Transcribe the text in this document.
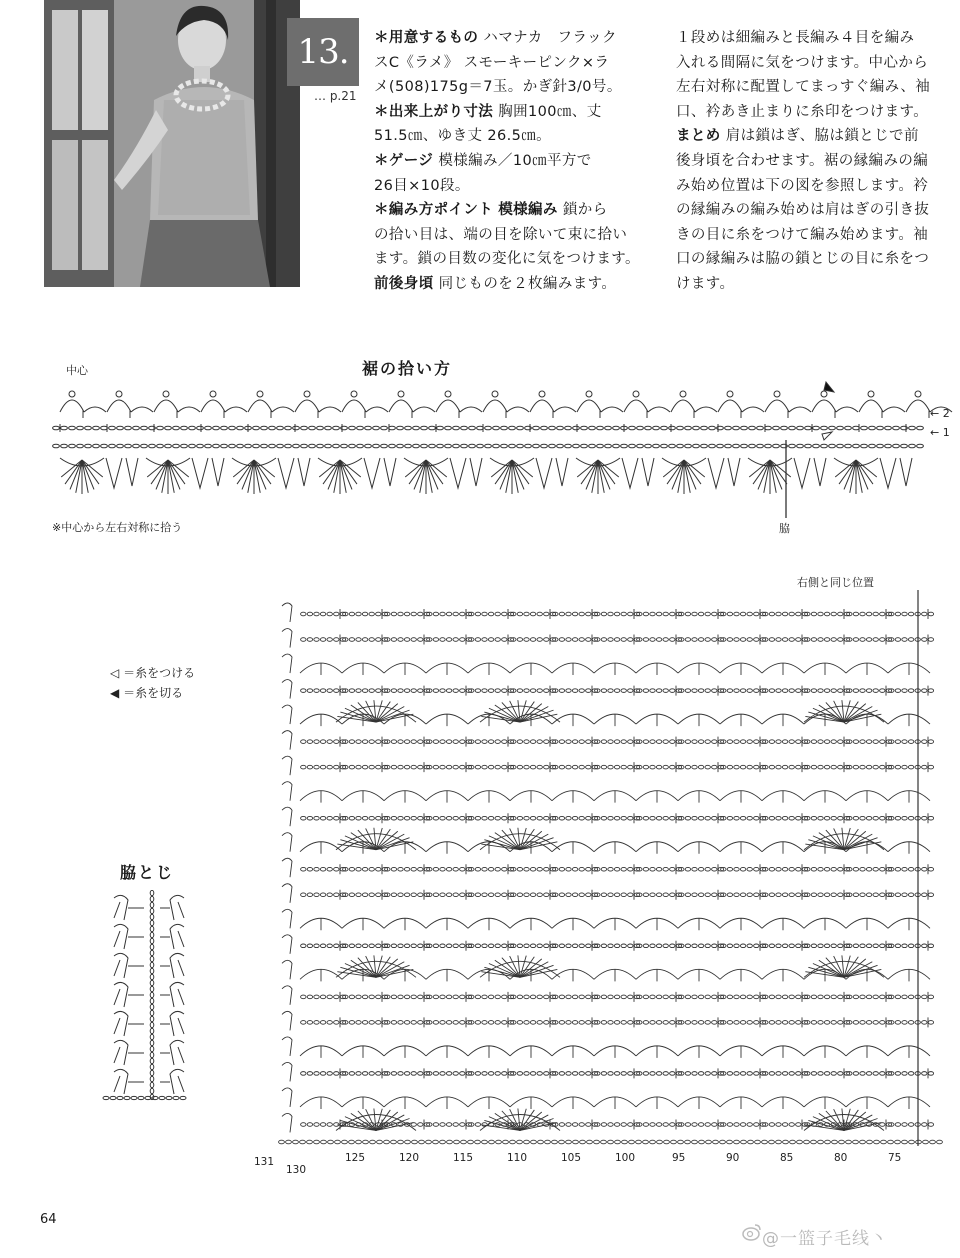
13.
… p.21
＊用意するもの ハマナカ　フラック
スC《ラメ》 スモーキーピンク×ラ
メ(508)175g＝7玉。かぎ針3/0号。
＊出来上がり寸法 胸囲100㎝、丈
51.5㎝、ゆき丈 26.5㎝。
＊ゲージ 模様編み／10㎝平方で
26目×10段。
＊編み方ポイント 模様編み 鎖から
の拾い目は、端の目を除いて束に拾い
ます。鎖の目数の変化に気をつけます。
前後身頃 同じものを２枚編みます。
１段めは細編みと長編み４目を編み
入れる間隔に気をつけます。中心から
左右対称に配置してまっすぐ編み、袖
口、衿あき止まりに糸印をつけます。
まとめ 肩は鎖はぎ、脇は鎖とじで前
後身頃を合わせます。裾の縁編みの編
み始め位置は下の図を参照します。衿
の縁編みの編み始めは肩はぎの引き抜
きの目に糸をつけて編み始めます。袖
口の縁編みは脇の鎖とじの目に糸をつ
けます。
裾の拾い方
中心
← 2
← 1
※中心から左右対称に拾う	脇
右側と同じ位置
◁ ＝糸をつける
◀ ＝糸を切る
脇とじ
131
130
125	120	115	110	105	100	95	90	85	80	75
64
@一篮子毛线丶
